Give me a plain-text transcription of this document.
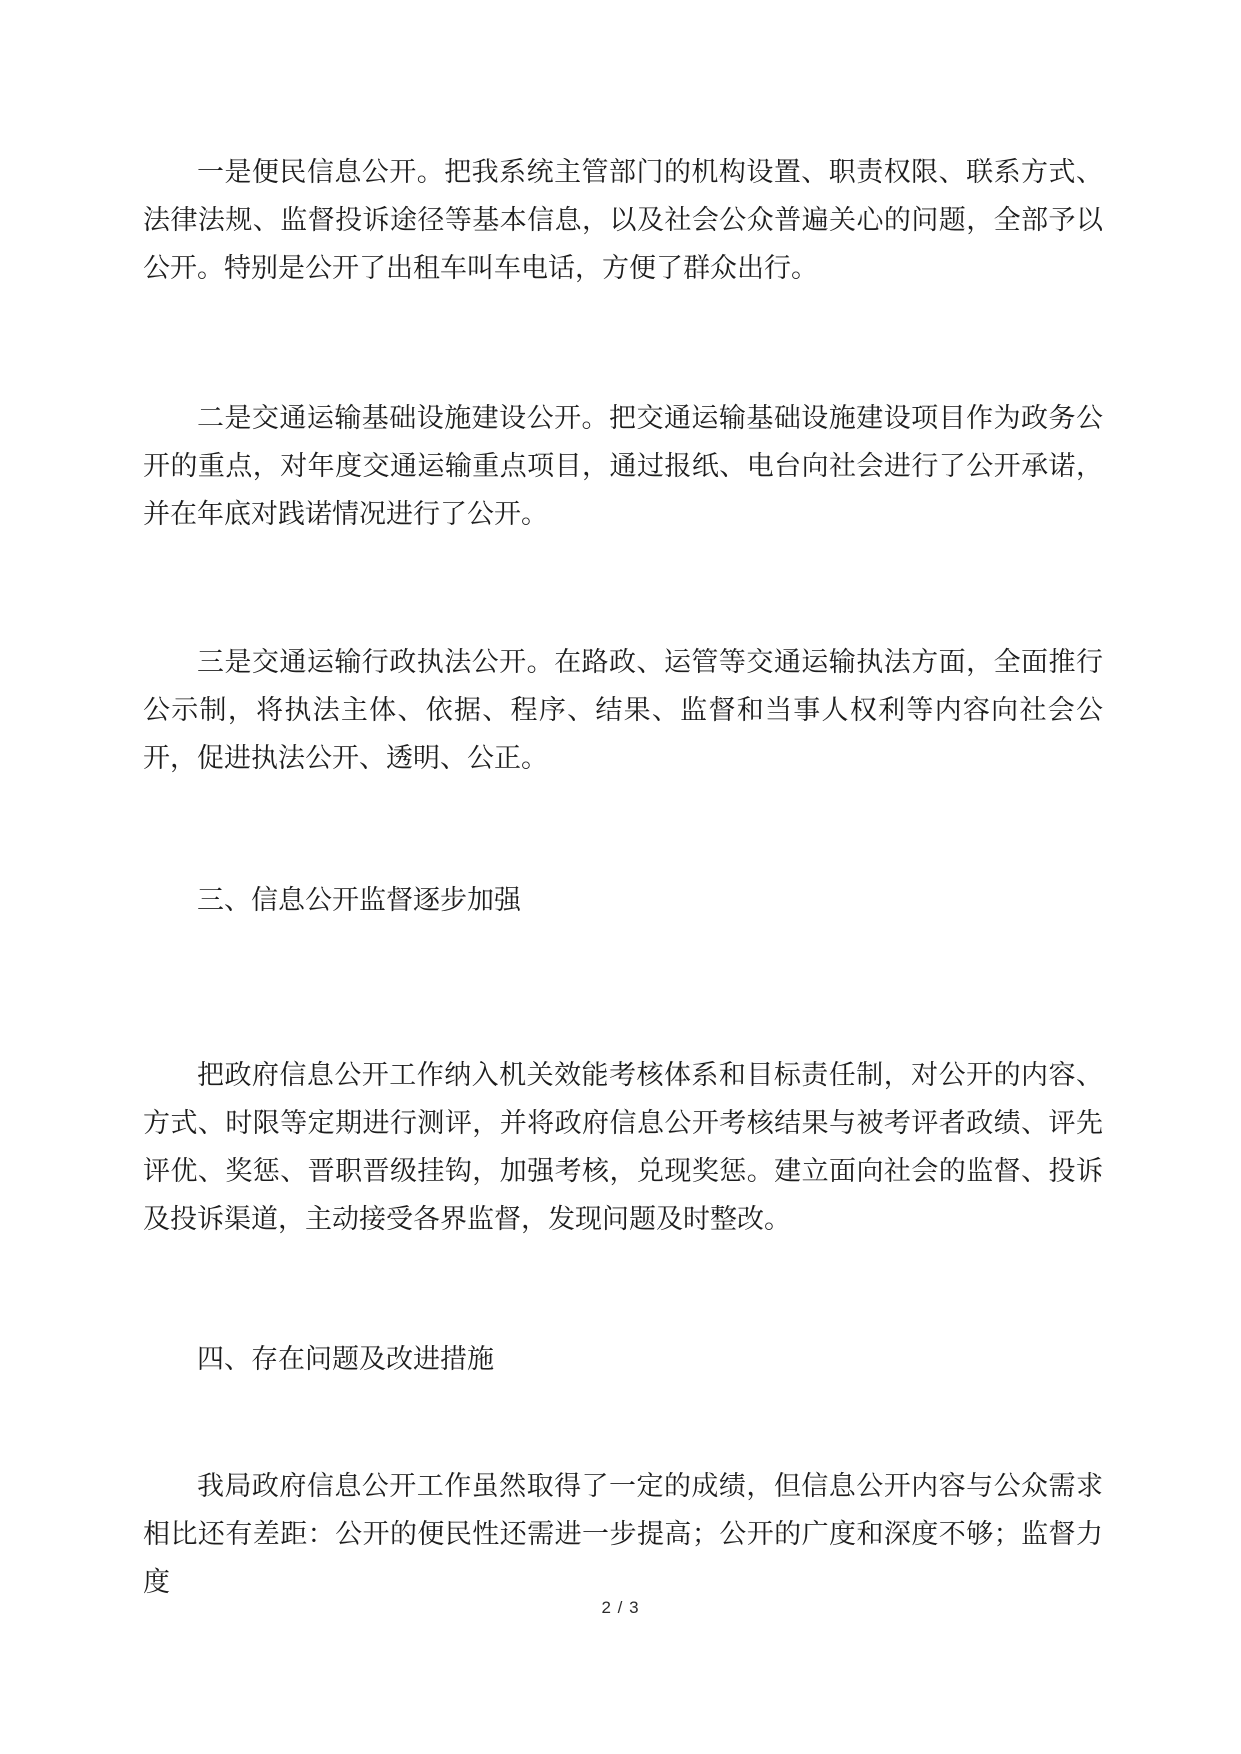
一是便民信息公开。把我系统主管部门的机构设置、职责权限、联系方式、法律法规、监督投诉途径等基本信息，以及社会公众普遍关心的问题，全部予以公开。特别是公开了出租车叫车电话，方便了群众出行。

二是交通运输基础设施建设公开。把交通运输基础设施建设项目作为政务公开的重点，对年度交通运输重点项目，通过报纸、电台向社会进行了公开承诺，并在年底对践诺情况进行了公开。

三是交通运输行政执法公开。在路政、运管等交通运输执法方面，全面推行公示制，将执法主体、依据、程序、结果、监督和当事人权利等内容向社会公开，促进执法公开、透明、公正。

三、信息公开监督逐步加强

把政府信息公开工作纳入机关效能考核体系和目标责任制，对公开的内容、方式、时限等定期进行测评，并将政府信息公开考核结果与被考评者政绩、评先评优、奖惩、晋职晋级挂钩，加强考核，兑现奖惩。建立面向社会的监督、投诉及投诉渠道，主动接受各界监督，发现问题及时整改。

四、存在问题及改进措施

我局政府信息公开工作虽然取得了一定的成绩，但信息公开内容与公众需求相比还有差距：公开的便民性还需进一步提高；公开的广度和深度不够；监督力度

2 / 3
